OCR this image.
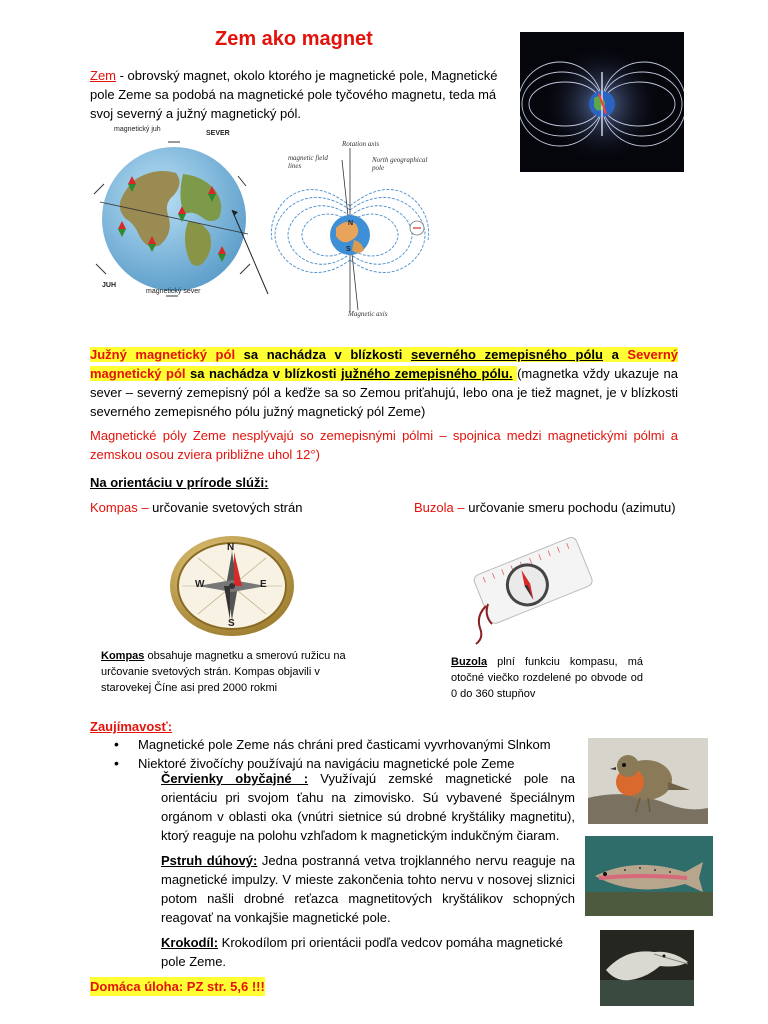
Zem ako magnet
Zem - obrovský magnet, okolo ktorého je magnetické pole, Magnetické pole Zeme sa podobá na magnetické pole tyčového magnetu, teda má svoj severný a južný magnetický pól.
magnetický juh
SEVER
JUH
magnetický sever
Rotation axis
magnetic field lines
North geographical pole
Magnetic axis
N
S
Južný magnetický pól sa nachádza v blízkosti severného zemepisného pólu a Severný magnetický pól sa nachádza v blízkosti južného zemepisného pólu. (magnetka vždy ukazuje na sever – severný zemepisný pól a keďže sa so Zemou priťahujú, lebo ona je tiež magnet, je v blízkosti severného zemepisného pólu južný magnetický pól Zeme)
Magnetické póly Zeme nesplývajú so zemepisnými pólmi – spojnica medzi magnetickými pólmi a zemskou osou zviera približne uhol 12°)
Na orientáciu v prírode slúži:
Kompas – určovanie svetových strán	Buzola – určovanie smeru pochodu (azimutu)
N
E
S
W
Kompas obsahuje magnetku a smerovú ružicu na určovanie svetových strán. Kompas objavili v starovekej Číne asi pred 2000 rokmi
Buzola plní funkciu kompasu, má otočné viečko rozdelené po obvode od 0 do 360 stupňov
Zaujímavosť:
• Magnetické pole Zeme nás chráni pred časticami vyvrhovanými Slnkom
• Niektoré živočíchy používajú na navigáciu magnetické pole Zeme
Červienky obyčajné : Využívajú zemské magnetické pole na orientáciu pri svojom ťahu na zimovisko. Sú vybavené špeciálnym orgánom v oblasti oka (vnútri sietnice sú drobné kryštáliky magnetitu), ktorý reaguje na polohu vzhľadom k magnetickým indukčným čiaram.
Pstruh dúhový: Jedna postranná vetva trojklanného nervu reaguje na magnetické impulzy. V mieste zakončenia tohto nervu v nosovej sliznici potom našli drobné reťazca magnetitových kryštálikov schopných reagovať na vonkajšie magnetické pole.
Krokodíl: Krokodílom pri orientácii podľa vedcov pomáha magnetické pole Zeme.
Domáca úloha: PZ str. 5,6 !!!
